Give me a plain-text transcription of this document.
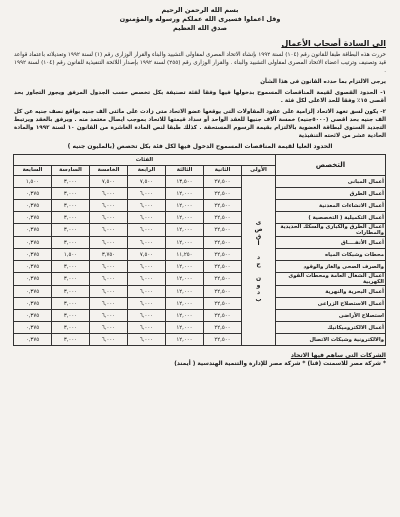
بسم الله الرحمن الرحيم
وقل اعملوا فسيرى الله عملكم ورسوله والمؤمنون
صدق الله العظيم
الى السادة أصحاب الأعمال
حررت هذه البطاقة طبقا للقانون رقم (١٠٤) لسنة ١٩٩٢ بإنشاء الاتحاد المصرى لمقاولى التشييد والبناء والقرار الوزارى رقم (١) لسنة ١٩٩٢ وتعديلاته باعتماد قواعد قيد وتصنيف وترتيب اعضاء الاتحاد المصرى لمقاولى التشييد والبناء . والقرار الوزارى رقم (٢٥٥) لسنة ١٩٩٢ بإصدار اللائحة التنفيذية للقانون رقم (١٠٤) لسنة ١٩٩٢ .
يرجى الالتزام بما حدده القانون فى هذا الشأن
١- الحدود القصوى لقيمة المناقصات المسموح بدخولها فيها وفقا لفئة تصنيفة بكل تخصص حسب الجدول المرفق ويجوز التجاوز بحد أقصى ١٥٪ وفقا للحد الاعلى لكل فئة .
٢- يكون لسق تعهد الاتحاد إلزامية على عقود المقاولات التى يوقعها عضو الاتحاد متى زادت على مائتى الف جنيه بواقع نصف جنيه عن كل الف جنيه بحد اقصى (٥٠٠٠جنيه) خمسة آلاف جنيها للعقد الواحد أو سداد قيمتها للاتحاد بموجب ايصال معتمد منه . ويرفق بالعقد ويرتبط التجديد السنوى لبطاقة العضوية بالالتزام بقيمة الرسوم المستحقة . كذلك طبقا لنص المادة العاشرة من القانون ١٠ لسنة ١٩٩٢ والمادة الحادية عشر من لائحته التنفيذية
الحدود العليا لقيمة المناقصات المسموح الدخول فيها لكل فئة بكل تخصص (بالمليون جنيه )
التخصص	الفئات						
	الأولى	الثانية	الثالثة	الرابعة	الخامسة	السادسة	السابعة
أعمال المبانى	بدون حد أقصى	٢٧,٥٠٠	١٣,٥٠٠	٧,٥٠٠	٧,٥٠٠	٣,٠٠٠	١,٥٠٠
أعمال الطرق		٢٢,٥٠٠	١٢,٠٠٠	٦,٠٠٠	٦,٠٠٠	٣,٠٠٠	٠,٣٧٥
أعمال الانشاءات المعدنية		٢٢,٥٠٠	١٢,٠٠٠	٦,٠٠٠	٦,٠٠٠	٣,٠٠٠	٠,٣٧٥
أعمال التكميلية ( التخصصية )		٢٢,٥٠٠	١٢,٠٠٠	٦,٠٠٠	٦,٠٠٠	٣,٠٠٠	٠,٣٧٥
أعمال الطرق والكبارى والسكك الحديدية والمطارات		٢٢,٥٠٠	١٢,٠٠٠	٦,٠٠٠	٦,٠٠٠	٣,٠٠٠	٠,٣٧٥
أعمال الأنفــــاق		٢٢,٥٠٠	١٢,٠٠٠	٦,٠٠٠	٦,٠٠٠	٣,٠٠٠	٠,٣٧٥
محطات وشبكات المياه		٢٢,٥٠٠	١١,٢٥٠	٧,٥٠٠	٣,٧٥٠	١,٥٠٠	٠,٣٧٥
والصرف الصحى والغاز والوقود		٢٢,٥٠٠	١٢,٠٠٠	٦,٠٠٠	٦,٠٠٠	٣,٠٠٠	٠,٣٧٥
أعمال الشغال العامة ومحطات القوى الكهربية		٢٢,٥٠٠	١٢,٠٠٠	٦,٠٠٠	٦,٠٠٠	٣,٠٠٠	٠,٣٧٥
أعمال البحرية والنهرية		٢٢,٥٠٠	١٢,٠٠٠	٦,٠٠٠	٦,٠٠٠	٣,٠٠٠	٠,٣٧٥
أعمال الاستصلاح الزراعى		٢٢,٥٠٠	١٢,٠٠٠	٦,٠٠٠	٦,٠٠٠	٣,٠٠٠	٠,٣٧٥
استصلاح الأراضى		٢٢,٥٠٠	١٢,٠٠٠	٦,٠٠٠	٦,٠٠٠	٣,٠٠٠	٠,٣٧٥
أعمال الالكتروميكانيك		٢٢,٥٠٠	١٢,٠٠٠	٦,٠٠٠	٦,٠٠٠	٣,٠٠٠	٠,٣٧٥
والالكترونية وشبكات الاتصال		٢٢,٥٠٠	١٢,٠٠٠	٦,٠٠٠	٦,٠٠٠	٣,٠٠٠	٠,٣٧٥
الشركات التى ساهم فيها الاتحاد
* شركة مصر للاسمنت (قنا) * شركة مصر للإدارة والتنمية الهندسية ( أيمند)
